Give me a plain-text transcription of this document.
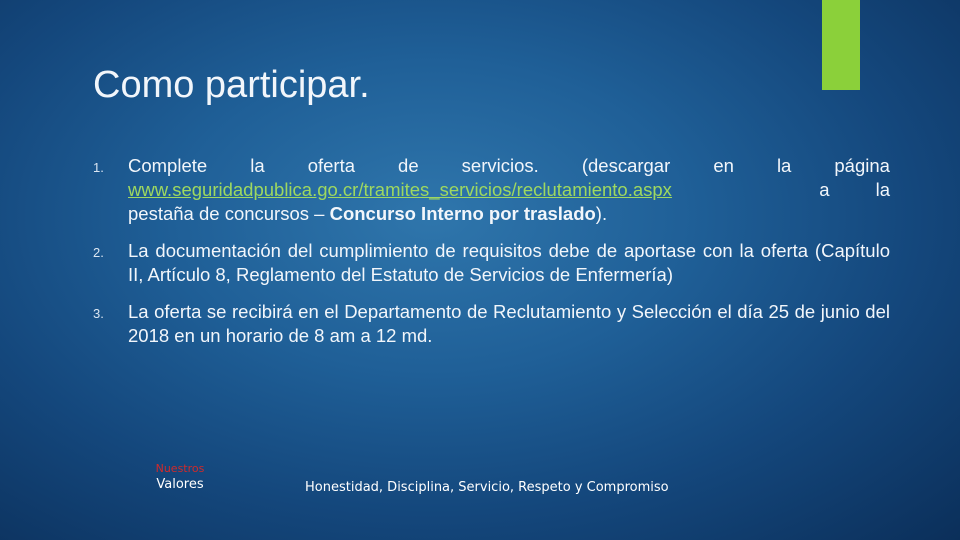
Como participar.
1. Complete la oferta de servicios. (descargar en la página
www.seguridadpublica.go.cr/tramites_servicios/reclutamiento.aspx	a la
pestaña de concursos – Concurso Interno por traslado).
2. La documentación del cumplimiento de requisitos debe de aportase con la oferta (Capítulo II, Artículo 8, Reglamento del Estatuto de Servicios de Enfermería)
3. La oferta se recibirá en el Departamento de Reclutamiento y Selección el día 25 de junio del 2018 en un horario de 8 am a 12 md.
Nuestros
Valores	Honestidad, Disciplina, Servicio, Respeto y Compromiso
